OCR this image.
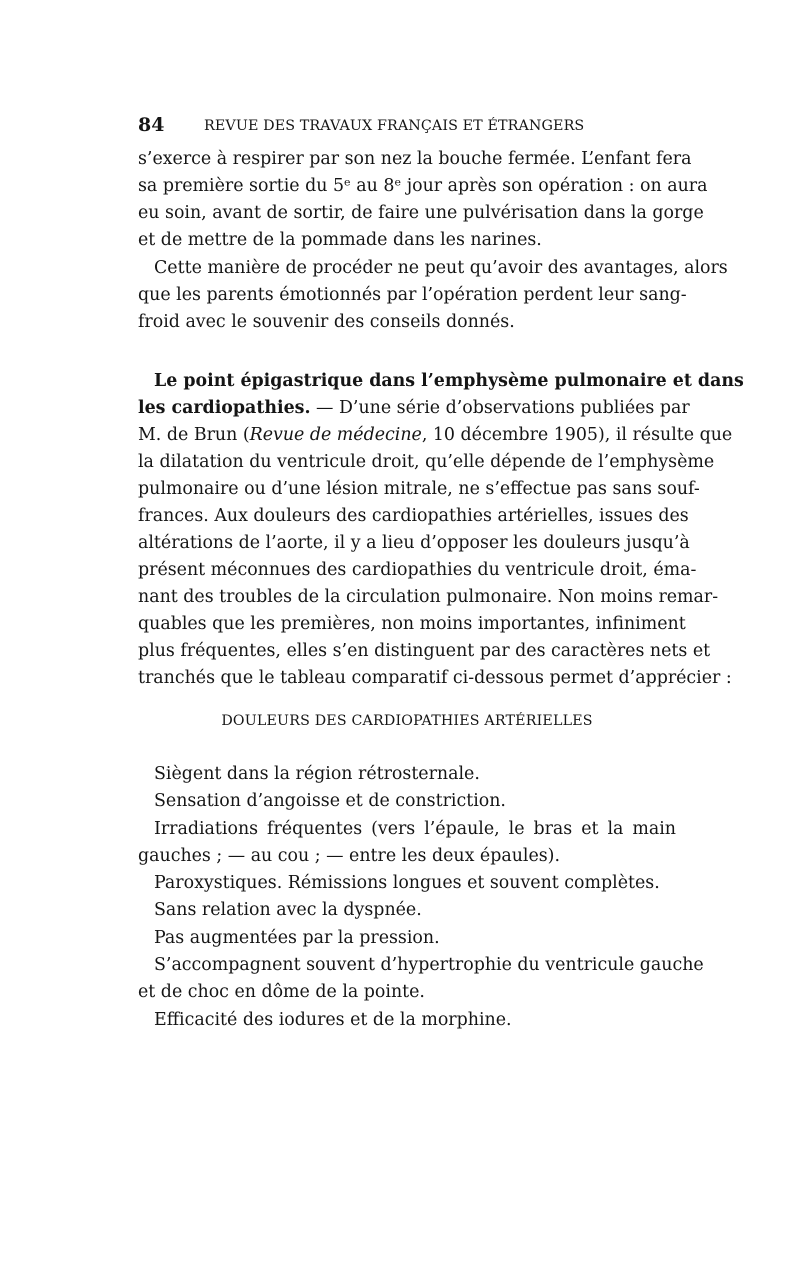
84	REVUE DES TRAVAUX FRANÇAIS ET ÉTRANGERS
s’exerce à respirer par son nez la bouche fermée. L’enfant fera
sa première sortie du 5ᵉ au 8ᵉ jour après son opération : on aura
eu soin, avant de sortir, de faire une pulvérisation dans la gorge
et de mettre de la pommade dans les narines.
Cette manière de procéder ne peut qu’avoir des avantages, alors
que les parents émotionnés par l’opération perdent leur sang-
froid avec le souvenir des conseils donnés.
Le point épigastrique dans l’emphysème pulmonaire et dans
les cardiopathies. — D’une série d’observations publiées par
M. de Brun (Revue de médecine, 10 décembre 1905), il résulte que
la dilatation du ventricule droit, qu’elle dépende de l’emphysème
pulmonaire ou d’une lésion mitrale, ne s’effectue pas sans souf-
frances. Aux douleurs des cardiopathies artérielles, issues des
altérations de l’aorte, il y a lieu d’opposer les douleurs jusqu’à
présent méconnues des cardiopathies du ventricule droit, éma-
nant des troubles de la circulation pulmonaire. Non moins remar-
quables que les premières, non moins importantes, infiniment
plus fréquentes, elles s’en distinguent par des caractères nets et
tranchés que le tableau comparatif ci-dessous permet d’apprécier :
DOULEURS DES CARDIOPATHIES ARTÉRIELLES
Siègent dans la région rétrosternale.
Sensation d’angoisse et de constriction.
Irradiations fréquentes (vers l’épaule, le bras et la main
gauches ; — au cou ; — entre les deux épaules).
Paroxystiques. Rémissions longues et souvent complètes.
Sans relation avec la dyspnée.
Pas augmentées par la pression.
S’accompagnent souvent d’hypertrophie du ventricule gauche
et de choc en dôme de la pointe.
Efficacité des iodures et de la morphine.
